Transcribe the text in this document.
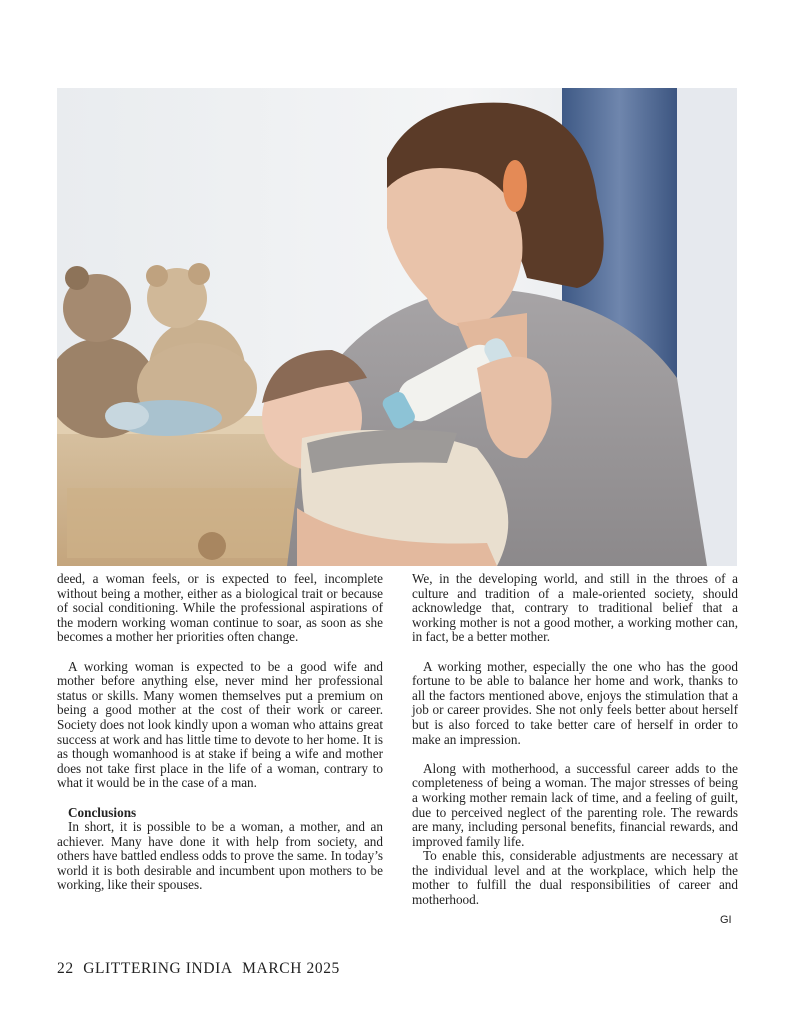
deed, a woman feels, or is expected to feel, incomplete without being a mother, either as a biological trait or because of social conditioning. While the professional aspirations of the modern working woman continue to soar, as soon as she becomes a mother her priorities often change.

A working woman is expected to be a good wife and mother before anything else, never mind her professional status or skills. Many women themselves put a premium on being a good mother at the cost of their work or career. Society does not look kindly upon a woman who attains great success at work and has little time to devote to her home. It is as though womanhood is at stake if being a wife and mother does not take first place in the life of a woman, contrary to what it would be in the case of a man.

Conclusions

In short, it is possible to be a woman, a mother, and an achiever. Many have done it with help from society, and others have battled endless odds to prove the same. In today’s world it is both desirable and incumbent upon mothers to be working, like their spouses.

We, in the developing world, and still in the throes of a culture and tradition of a male-oriented society, should acknowledge that, contrary to traditional belief that a working mother is not a good mother, a working mother can, in fact, be a better mother.

A working mother, especially the one who has the good fortune to be able to balance her home and work, thanks to all the factors mentioned above, enjoys the stimulation that a job or career provides. She not only feels better about herself but is also forced to take better care of herself in order to make an impression.

Along with motherhood, a successful career adds to the completeness of being a woman. The major stresses of being a working mother remain lack of time, and a feeling of guilt, due to perceived neglect of the parenting role. The rewards are many, including personal benefits, financial rewards, and improved family life.

To enable this, considerable adjustments are necessary at the individual level and at the workplace, which help the mother to fulfill the dual responsibilities of career and motherhood.

GI
22 GLITTERING INDIA MARCH 2025
